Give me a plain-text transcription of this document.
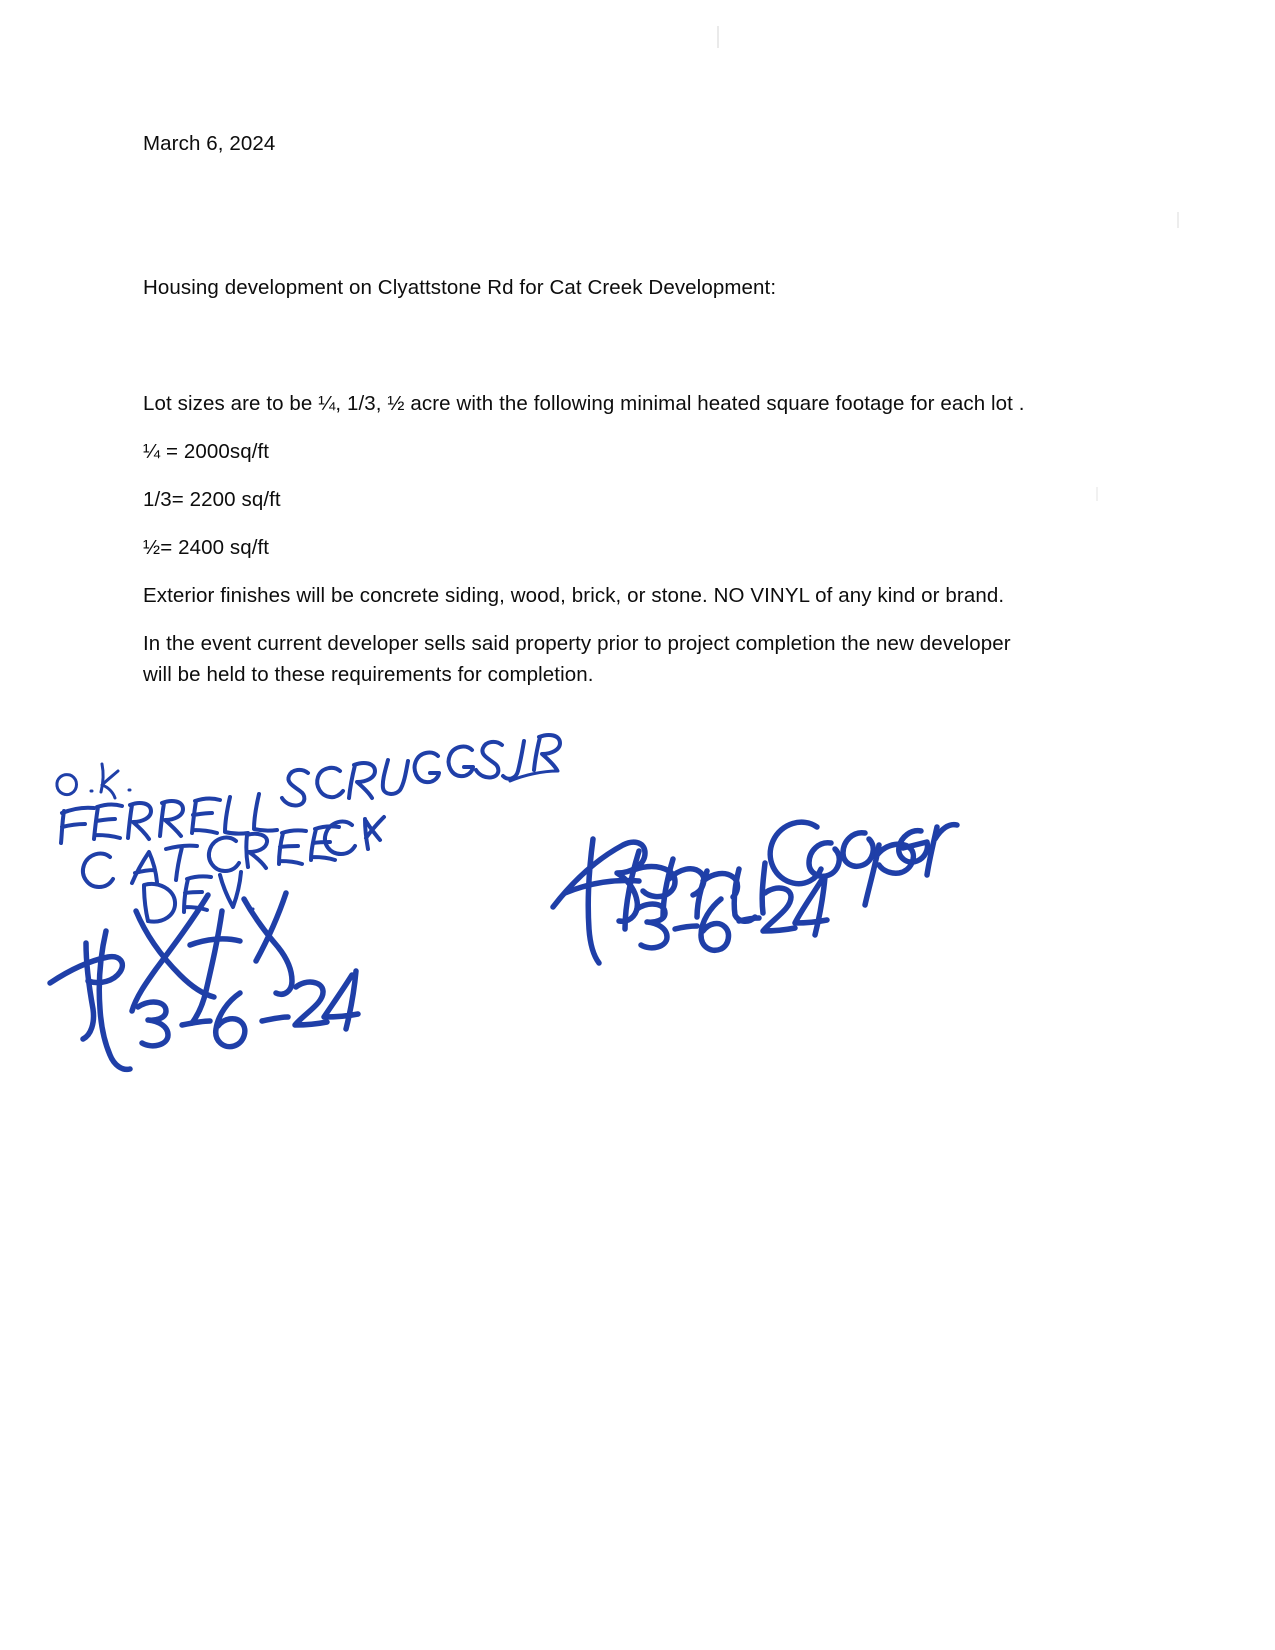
March 6, 2024

Housing development on Clyattstone Rd for Cat Creek Development:

Lot sizes are to be ¼, 1/3, ½ acre with the following minimal heated square footage for each lot .

¼ = 2000sq/ft

1/3= 2200 sq/ft

½= 2400 sq/ft

Exterior finishes will be concrete siding, wood, brick, or stone. NO VINYL of any kind or brand.

In the event current developer sells said property prior to project completion the new developer will be held to these requirements for completion.
